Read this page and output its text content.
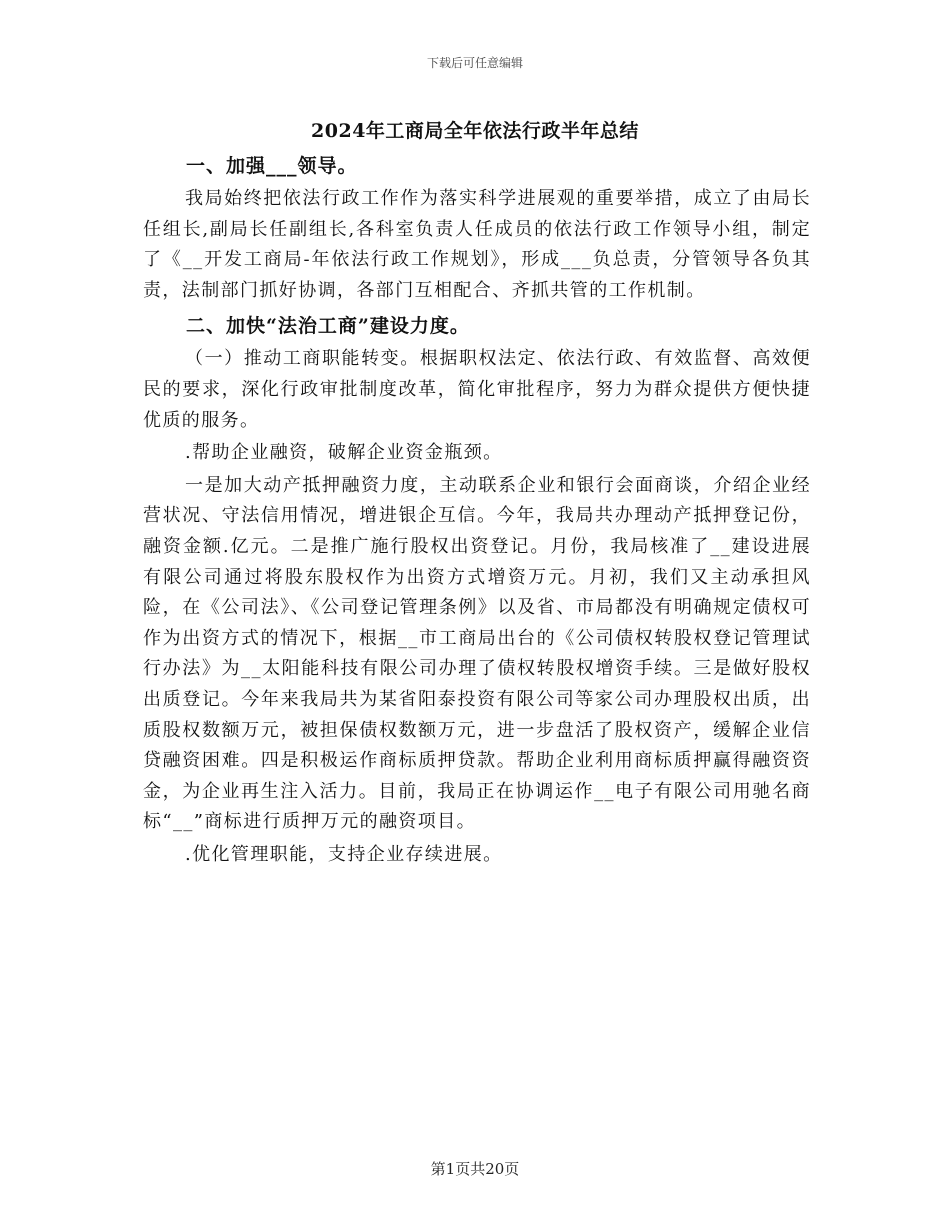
下载后可任意编辑
2024年工商局全年依法行政半年总结

一、加强___领导。

我局始终把依法行政工作作为落实科学进展观的重要举措，成立了由局长任组长,副局长任副组长,各科室负责人任成员的依法行政工作领导小组，制定了《__开发工商局-年依法行政工作规划》，形成___负总责，分管领导各负其责，法制部门抓好协调，各部门互相配合、齐抓共管的工作机制。

二、加快“法治工商”建设力度。

（一）推动工商职能转变。根据职权法定、依法行政、有效监督、高效便民的要求，深化行政审批制度改革，简化审批程序，努力为群众提供方便快捷优质的服务。

.帮助企业融资，破解企业资金瓶颈。

一是加大动产抵押融资力度，主动联系企业和银行会面商谈，介绍企业经营状况、守法信用情况，增进银企互信。今年，我局共办理动产抵押登记份，融资金额.亿元。二是推广施行股权出资登记。月份，我局核准了__建设进展有限公司通过将股东股权作为出资方式增资万元。月初，我们又主动承担风险，在《公司法》、《公司登记管理条例》以及省、市局都没有明确规定债权可作为出资方式的情况下，根据__市工商局出台的《公司债权转股权登记管理试行办法》为__太阳能科技有限公司办理了债权转股权增资手续。三是做好股权出质登记。今年来我局共为某省阳泰投资有限公司等家公司办理股权出质，出质股权数额万元，被担保债权数额万元，进一步盘活了股权资产，缓解企业信贷融资困难。四是积极运作商标质押贷款。帮助企业利用商标质押赢得融资资金，为企业再生注入活力。目前，我局正在协调运作__电子有限公司用驰名商标“__”商标进行质押万元的融资项目。

.优化管理职能，支持企业存续进展。

第1页共20页
